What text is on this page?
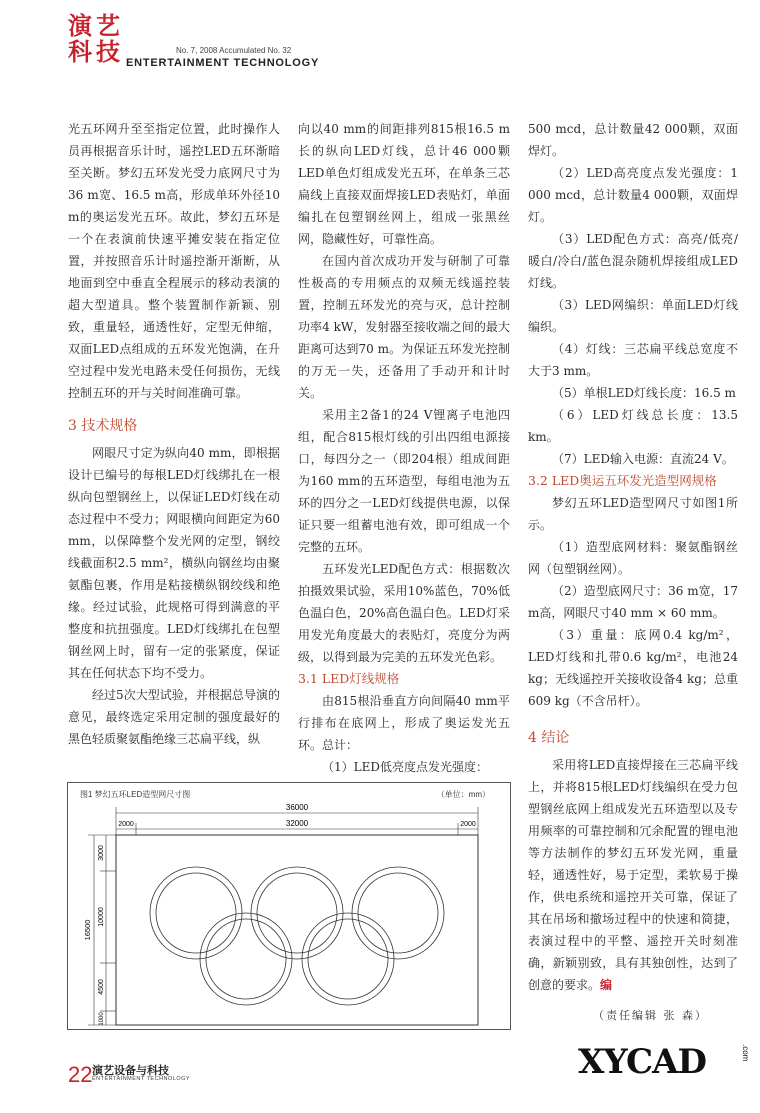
演 艺
科 技	No. 7, 2008 Accumulated No. 32
ENTERTAINMENT TECHNOLOGY

光五环网升至至指定位置，此时操作人员再根据音乐计时，遥控LED五环渐暗至关断。梦幻五环发光受力底网尺寸为36 m宽、16.5 m高，形成单环外径10 m的奥运发光五环。故此，梦幻五环是一个在表演前快速平摊安装在指定位置，并按照音乐计时遥控渐开渐断，从地面到空中垂直全程展示的移动表演的超大型道具。整个装置制作新颖、别致，重量轻，通透性好，定型无伸缩，双面LED点组成的五环发光饱满，在升空过程中发光电路未受任何损伤，无线控制五环的开与关时间准确可靠。

3 技术规格

网眼尺寸定为纵向40 mm，即根据设计已编号的每根LED灯线绑扎在一根纵向包塑钢丝上，以保证LED灯线在动态过程中不受力；网眼横向间距定为60 mm，以保障整个发光网的定型，钢绞线截面积2.5 mm²，横纵向钢丝均由聚氨酯包裹，作用是粘接横纵钢绞线和绝缘。经过试验，此规格可得到满意的平整度和抗扭强度。LED灯线绑扎在包塑钢丝网上时，留有一定的张紧度，保证其在任何状态下均不受力。

经过5次大型试验，并根据总导演的意见，最终选定采用定制的强度最好的黑色轻质聚氨酯绝缘三芯扁平线，纵

向以40 mm的间距排列815根16.5 m长的纵向LED灯线，总计46 000颗LED单色灯组成发光五环，在单条三芯扁线上直接双面焊接LED表贴灯，单面编扎在包塑钢丝网上，组成一张黑丝网，隐藏性好，可靠性高。

在国内首次成功开发与研制了可靠性极高的专用频点的双频无线遥控装置，控制五环发光的亮与灭，总计控制功率4 kW，发射器至接收端之间的最大距离可达到70 m。为保证五环发光控制的万无一失，还备用了手动开和计时关。

采用主2备1的24 V锂离子电池四组，配合815根灯线的引出四组电源接口，每四分之一（即204根）组成间距为160 mm的五环造型，每组电池为五环的四分之一LED灯线提供电源，以保证只要一组蓄电池有效，即可组成一个完整的五环。

五环发光LED配色方式：根据数次拍摄效果试验，采用10%蓝色，70%低色温白色，20%高色温白色。LED灯采用发光角度最大的表贴灯，亮度分为两级，以得到最为完美的五环发光色彩。

3.1 LED灯线规格

由815根沿垂直方向间隔40 mm平行排布在底网上，形成了奥运发光五环。总计：

（1）LED低亮度点发光强度：

500 mcd，总计数量42 000颗，双面焊灯。

（2）LED高亮度点发光强度：1 000 mcd，总计数量4 000颗，双面焊灯。

（3）LED配色方式：高亮/低亮/暖白/冷白/蓝色混杂随机焊接组成LED灯线。

（3）LED网编织：单面LED灯线编织。

（4）灯线：三芯扁平线总宽度不大于3 mm。

（5）单根LED灯线长度：16.5 m

（6）LED灯线总长度：13.5 km。

（7）LED输入电源：直流24 V。

3.2 LED奥运五环发光造型网规格

梦幻五环LED造型网尺寸如图1所示。

（1）造型底网材料：聚氨酯钢丝网（包塑钢丝网）。

（2）造型底网尺寸：36 m宽，17 m高，网眼尺寸40 mm × 60 mm。

（3）重量：底网0.4 kg/m²，LED灯线和扎带0.6 kg/m²，电池24 kg；无线遥控开关接收设备4 kg；总重609 kg（不含吊杆）。

4 结论

采用将LED直接焊接在三芯扁平线上，并将815根LED灯线编织在受力包塑钢丝底网上组成发光五环造型以及专用频率的可靠控制和冗余配置的锂电池等方法制作的梦幻五环发光网，重量轻，通透性好，易于定型，柔软易于操作，供电系统和遥控开关可靠，保证了其在吊场和撤场过程中的快速和简捷，表演过程中的平整、遥控开关时刻准确，新颖别致，具有其独创性，达到了创意的要求。编

图1 梦幻五环LED造型网尺寸图	（单位：mm）
36000
2000	32000	2000
16500
3000
10000
4500
1000	（责任编辑 张 森）
22 演艺设备与科技
ENTERTAINMENT TECHNOLOGY	XYCAD	.com
